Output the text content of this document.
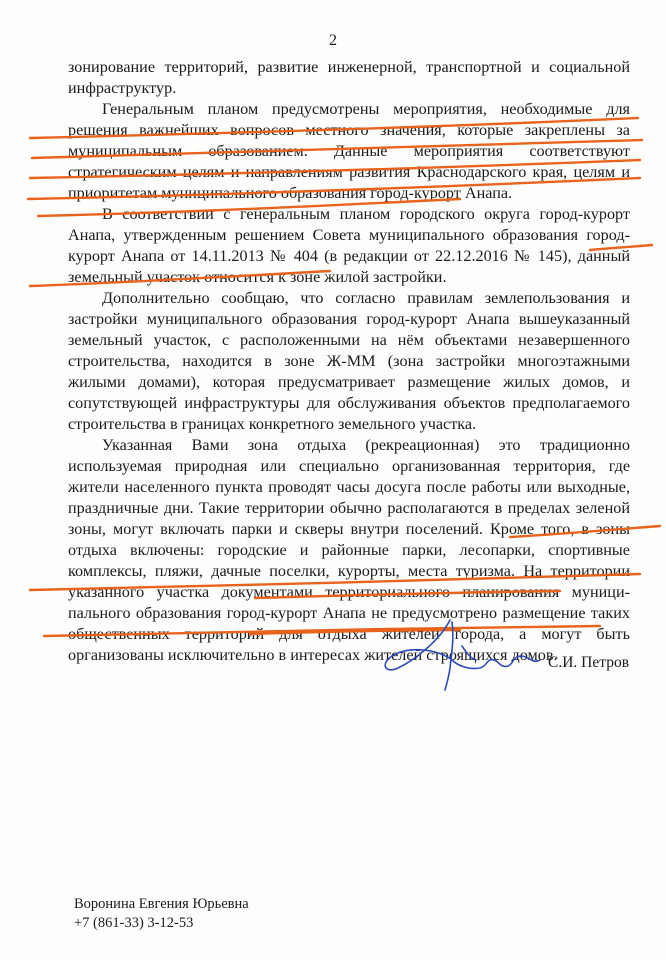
2
зонирование территорий, развитие инженерной, транспортной и социальной
инфраструктур.
Генеральным планом предусмотрены мероприятия, необходимые для
решения важнейших вопросов местного значения, которые закреплены за
муниципальным образованием. Данные мероприятия соответствуют
стратегическим целям и направлениям развития Краснодарского края, целям и
приоритетам муниципального образования город-курорт Анапа.
В соответствии с генеральным планом городского округа город-курорт
Анапа, утвержденным решением Совета муниципального образования город-
курорт Анапа от 14.11.2013 № 404 (в редакции от 22.12.2016 № 145), данный
земельный участок относится к зоне жилой застройки.
Дополнительно сообщаю, что согласно правилам землепользования и
застройки муниципального образования город-курорт Анапа вышеуказанный
земельный участок, с расположенными на нём объектами незавершенного
строительства, находится в зоне Ж-ММ (зона застройки многоэтажными
жилыми домами), которая предусматривает размещение жилых домов, и
сопутствующей инфраструктуры для обслуживания объектов предполагаемого
строительства в границах конкретного земельного участка.
Указанная Вами зона отдыха (рекреационная) это традиционно
используемая природная или специально организованная территория, где
жители населенного пункта проводят часы досуга после работы или выходные,
праздничные дни. Такие территории обычно располагаются в пределах зеленой
зоны, могут включать парки и скверы внутри поселений. Кроме того, в зоны
отдыха включены: городские и районные парки, лесопарки, спортивные
комплексы, пляжи, дачные поселки, курорты, места туризма. На территории
указанного участка документами территориального планирования муници-
пального образования город-курорт Анапа не предусмотрено размещение таких
общественных территорий для отдыха жителей города, а могут быть
организованы исключительно в интересах жителей строящихся домов.
С.И. Петров
Воронина Евгения Юрьевна
+7 (861-33) 3-12-53
